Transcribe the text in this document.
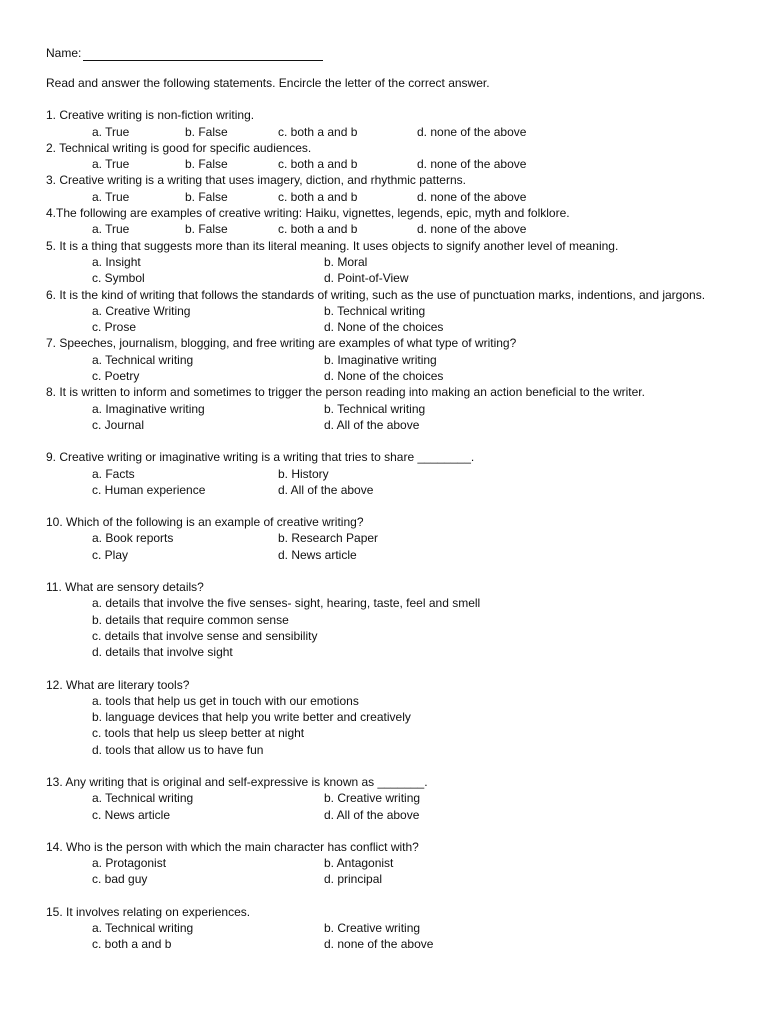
Name:
Read and answer the following statements. Encircle the letter of the correct answer.
1. Creative writing is non-fiction writing.
a. True	b. False	c. both a and b	d. none of the above
2. Technical writing is good for specific audiences.
a. True	b. False	c. both a and b	d. none of the above
3. Creative writing is a writing that uses imagery, diction, and rhythmic patterns.
a. True	b. False	c. both a and b	d. none of the above
4.The following are examples of creative writing: Haiku, vignettes, legends, epic, myth and folklore.
a. True	b. False	c. both a and b	d. none of the above
5. It is a thing that suggests more than its literal meaning. It uses objects to signify another level of meaning.
a. Insight	b. Moral
c. Symbol	d. Point-of-View
6. It is the kind of writing that follows the standards of writing, such as the use of punctuation marks, indentions, and jargons.
a. Creative Writing	b. Technical writing
c. Prose	d. None of the choices
7. Speeches, journalism, blogging, and free writing are examples of what type of writing?
a. Technical writing	b. Imaginative writing
c. Poetry	d. None of the choices
8. It is written to inform and sometimes to trigger the person reading into making an action beneficial to the writer.
a. Imaginative writing	b. Technical writing
c. Journal	d. All of the above
9. Creative writing or imaginative writing is a writing that tries to share ________.
a. Facts	b. History
c. Human experience	d. All of the above
10. Which of the following is an example of creative writing?
a. Book reports	b. Research Paper
c. Play	d. News article
11. What are sensory details?
a. details that involve the five senses- sight, hearing, taste, feel and smell
b. details that require common sense
c. details that involve sense and sensibility
d. details that involve sight
12. What are literary tools?
a. tools that help us get in touch with our emotions
b. language devices that help you write better and creatively
c. tools that help us sleep better at night
d. tools that allow us to have fun
13. Any writing that is original and self-expressive is known as _______.
a. Technical writing	b. Creative writing
c. News article	d. All of the above
14. Who is the person with which the main character has conflict with?
a. Protagonist	b. Antagonist
c. bad guy	d. principal
15. It involves relating on experiences.
a. Technical writing	b. Creative writing
c. both a and b	d. none of the above
